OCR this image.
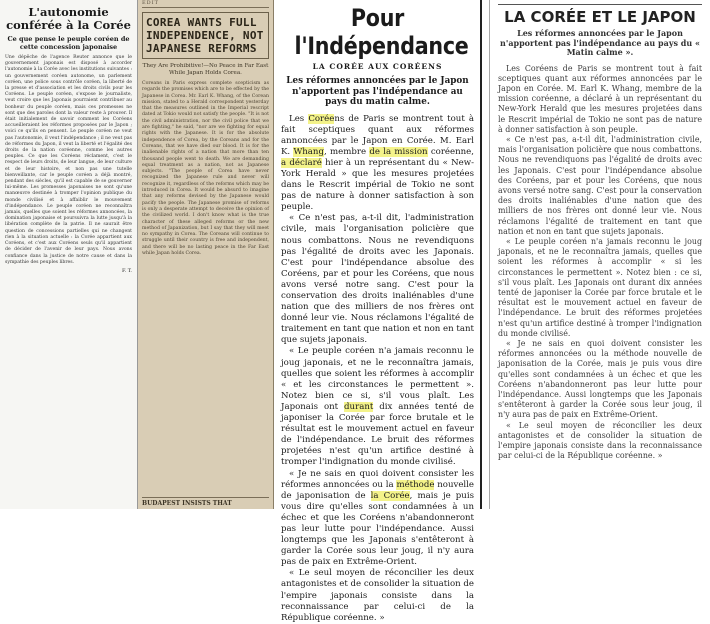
L'autonomie conférée à la Corée
Ce que pense le peuple coréen de cette concession japonaise
Une dépêche de l'agence Reuter annonce que le gouvernement japonais est disposé à accorder l'autonomie à la Corée avec les institutions suivantes : un gouvernement coréen autonome, un parlement coréen, une police sous contrôle coréen, la liberté de la presse et d'association et les droits civils pour les Coréens. Le peuple coréen, s'expose le journaliste, veut croire que les Japonais pourraient contribuer au bonheur du peuple coréen, mais ces promesses ne sont que des paroles dont la valeur reste à prouver. Il était initialement de savoir comment les Coréens accueilleraient les réformes proposées par le Japon ; voici ce qu'ils en pensent. Le peuple coréen ne veut pas l'autonomie, il veut l'indépendance ; il ne veut pas de réformes du Japon, il veut la liberté et l'égalité des droits de la nation coréenne, comme les autres peuples. Ce que les Coréens réclament, c'est le respect de leurs droits, de leur langue, de leur culture et de leur histoire, et non pas une tutelle bienveillante, car le peuple coréen a déjà montré, pendant des siècles, qu'il est capable de se gouverner lui-même. Les promesses japonaises ne sont qu'une manœuvre destinée à tromper l'opinion publique du monde civilisé et à affaiblir le mouvement d'indépendance. Le peuple coréen ne reconnaîtra jamais, quelles que soient les réformes annoncées, la domination japonaise et poursuivra la lutte jusqu'à la libération complète de la patrie. Il ne saurait être question de concessions partielles qui ne changent rien à la situation actuelle : la Corée appartient aux Coréens, et c'est aux Coréens seuls qu'il appartient de décider de l'avenir de leur pays. Nous avons confiance dans la justice de notre cause et dans la sympathie des peuples libres.
F. T.
EDIT
COREA WANTS FULL INDEPENDENCE, NOT JAPANESE REFORMS
They Are Prohibitive!—No Peace in Far East While Japan Holds Corea.
Coreans in Paris express complete scepticism as regards the promises which are to be effected by the Japanese in Corea. Mr. Earl K. Whang, of the Corean mission, stated to a Herald correspondent yesterday that the measures outlined in the Imperial rescript dated at Tokio would not satisfy the people. "It is not the civil administration, nor the civil police that we are fighting," he said, "nor are we fighting for equal rights with the Japanese. It is for the absolute independence of Corea, by the Coreans and for the Coreans, that we have died our blood. It is for the inalienable rights of a nation that more than ten thousand people went to death. We are demanding equal treatment as a nation, not as Japanese subjects. "The people of Corea have never recognized the Japanese rule and never will recognize it, regardless of the reforms which may be introduced in Corea. It would be absurd to imagine that any reforms devised by the Japanese would pacify the people. The Japanese promise of reforms is only a desperate attempt to deceive the opinion of the civilized world. I don't know what is the true character of these alleged reforms or the new method of Japanization, but I say that they will meet no sympathy in Corea. The Coreans will continue to struggle until their country is free and independent, and there will be no lasting peace in the Far East while Japan holds Corea.
BUDAPEST INSISTS THAT
Pour l'Indépendance
LA CORÉE AUX CORÉENS
Les réformes annoncées par le Japon n'apportent pas l'indépendance au pays du matin calme.

Les Coréens de Paris se montrent tout à fait sceptiques quant aux réformes annoncées par le Japon en Corée. M. Earl K. Whang, membre de la mission coréenne, a déclaré hier à un représentant du « New-York Herald » que les mesures projetées dans le Rescrit impérial de Tokio ne sont pas de nature à donner satisfaction à son peuple.

« Ce n'est pas, a-t-il dit, l'administration civile, mais l'organisation policière que nous combattons. Nous ne revendiquons pas l'égalité de droits avec les Japonais. C'est pour l'indépendance absolue des Coréens, par et pour les Coréens, que nous avons versé notre sang. C'est pour la conservation des droits inaliénables d'une nation que des milliers de nos frères ont donné leur vie. Nous réclamons l'égalité de traitement en tant que nation et non en tant que sujets japonais.

« Le peuple coréen n'a jamais reconnu le joug japonais, et ne le reconnaîtra jamais, quelles que soient les réformes à accomplir « et les circonstances le permettent ». Notez bien ce si, s'il vous plaît. Les Japonais ont durant dix années tenté de japoniser la Corée par force brutale et le résultat est le mouvement actuel en faveur de l'indépendance. Le bruit des réformes projetées n'est qu'un artifice destiné à tromper l'indignation du monde civilisé.

« Je ne sais en quoi doivent consister les réformes annoncées ou la méthode nouvelle de japonisation de la Corée, mais je puis vous dire qu'elles sont condamnées à un échec et que les Coréens n'abandonneront pas leur lutte pour l'indépendance. Aussi longtemps que les Japonais s'entêteront à garder la Corée sous leur joug, il n'y aura pas de paix en Extrême-Orient.

« Le seul moyen de réconcilier les deux antagonistes et de consolider la situation de l'empire japonais consiste dans la reconnaissance par celui-ci de la République coréenne. »

LA CORÉE ET LE JAPON
Les réformes annoncées par le Japon n'apportent pas l'indépendance au pays du « Matin calme ».

Les Coréens de Paris se montrent tout à fait sceptiques quant aux réformes annoncées par le Japon en Corée. M. Earl K. Whang, membre de la mission coréenne, a déclaré à un représentant du New-York Herald que les mesures projetées dans le Rescrit impérial de Tokio ne sont pas de nature à donner satisfaction à son peuple.

« Ce n'est pas, a-t-il dit, l'administration civile, mais l'organisation policière que nous combattons. Nous ne revendiquons pas l'égalité de droits avec les Japonais. C'est pour l'indépendance absolue des Coréens, par et pour les Coréens, que nous avons versé notre sang. C'est pour la conservation des droits inaliénables d'une nation que des milliers de nos frères ont donné leur vie. Nous réclamons l'égalité de traitement en tant que nation et non en tant que sujets japonais.

« Le peuple coréen n'a jamais reconnu le joug japonais, et ne le reconnaîtra jamais, quelles que soient les réformes à accomplir « si les circonstances le permettent ». Notez bien : ce si, s'il vous plaît. Les Japonais ont durant dix années tenté de japoniser la Corée par force brutale et le résultat est le mouvement actuel en faveur de l'indépendance. Le bruit des réformes projetées n'est qu'un artifice destiné à tromper l'indignation du monde civilisé.

« Je ne sais en quoi doivent consister les réformes annoncées ou la méthode nouvelle de japonisation de la Corée, mais je puis vous dire qu'elles sont condamnées à un échec et que les Coréens n'abandonneront pas leur lutte pour l'indépendance. Aussi longtemps que les Japonais s'entêteront à garder la Corée sous leur joug, il n'y aura pas de paix en Extrême-Orient.

« Le seul moyen de réconcilier les deux antagonistes et de consolider la situation de l'empire japonais consiste dans la reconnaissance par celui-ci de la République coréenne. »
